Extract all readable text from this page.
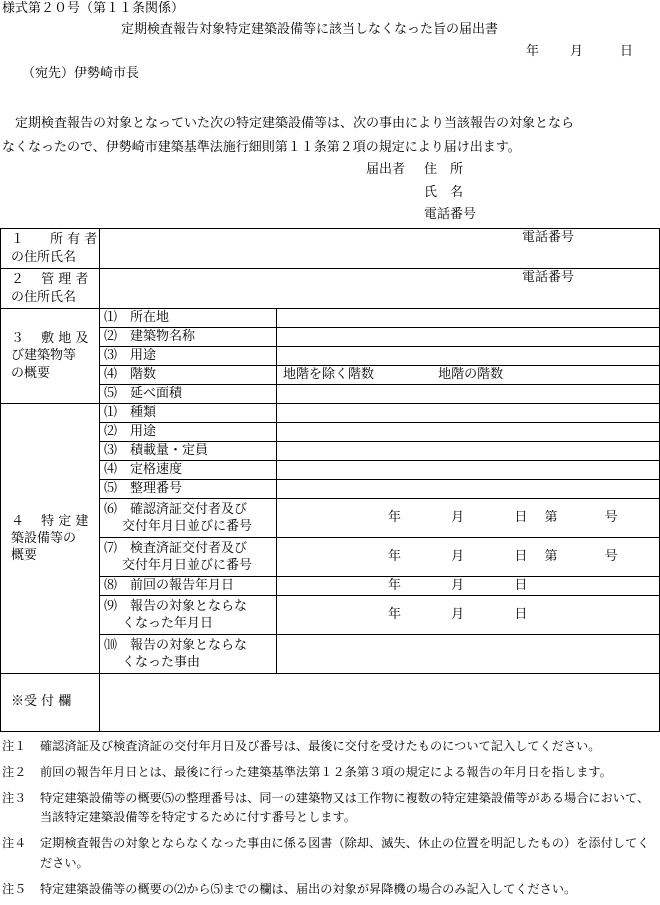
様式第２０号（第１１条関係）
定期検査報告対象特定建築設備等に該当しなくなった旨の届出書
年 月	日
（宛先）伊勢崎市長
定期検査報告の対象となっていた次の特定建築設備等は、次の事由により当該報告の対象となら
なくなったので、伊勢崎市建築基準法施行細則第１１条第２項の規定により届け出ます。
届出者 住　所
氏　名
電話番号
１　　所 有 者
の住所氏名	電話番号	

２　 管 理 者
の住所氏名	電話番号	

３　 敷 地 及
び建築物等
の概要	⑴　所在地	
	⑵　建築物名称	
	⑶　用途	
	⑷　階数	地階を除く階数 地階の階数
	⑸　延べ面積	

４　 特 定 建
築設備等の
概要	⑴　種類	
	⑵　用途	
	⑶　積載量・定員	
	⑷　定格速度	
	⑸　整理番号	

	⑹　確認済証交付者及び
交付年月日並びに番号	年 月 日 第 号

	⑺　検査済証交付者及び
交付年月日並びに番号	年 月 日 第 号
	⑻　前回の報告年月日	年 月 日

	⑼　報告の対象とならな
くなった年月日	年 月 日

	⑽　報告の対象とならな
くなった事由	

※受 付 欄		
注１	確認済証及び検査済証の交付年月日及び番号は、最後に交付を受けたものについて記入してください。
注２	前回の報告年月日とは、最後に行った建築基準法第１２条第３項の規定による報告の年月日を指します。
注３	特定建築設備等の概要⑸の整理番号は、同一の建築物又は工作物に複数の特定建築設備等がある場合において、当該特定建築設備等を特定するために付す番号とします。
注４	定期検査報告の対象とならなくなった事由に係る図書（除却、滅失、休止の位置を明記したもの）を添付してください。
注５	特定建築設備等の概要の⑵から⑸までの欄は、届出の対象が昇降機の場合のみ記入してください。
